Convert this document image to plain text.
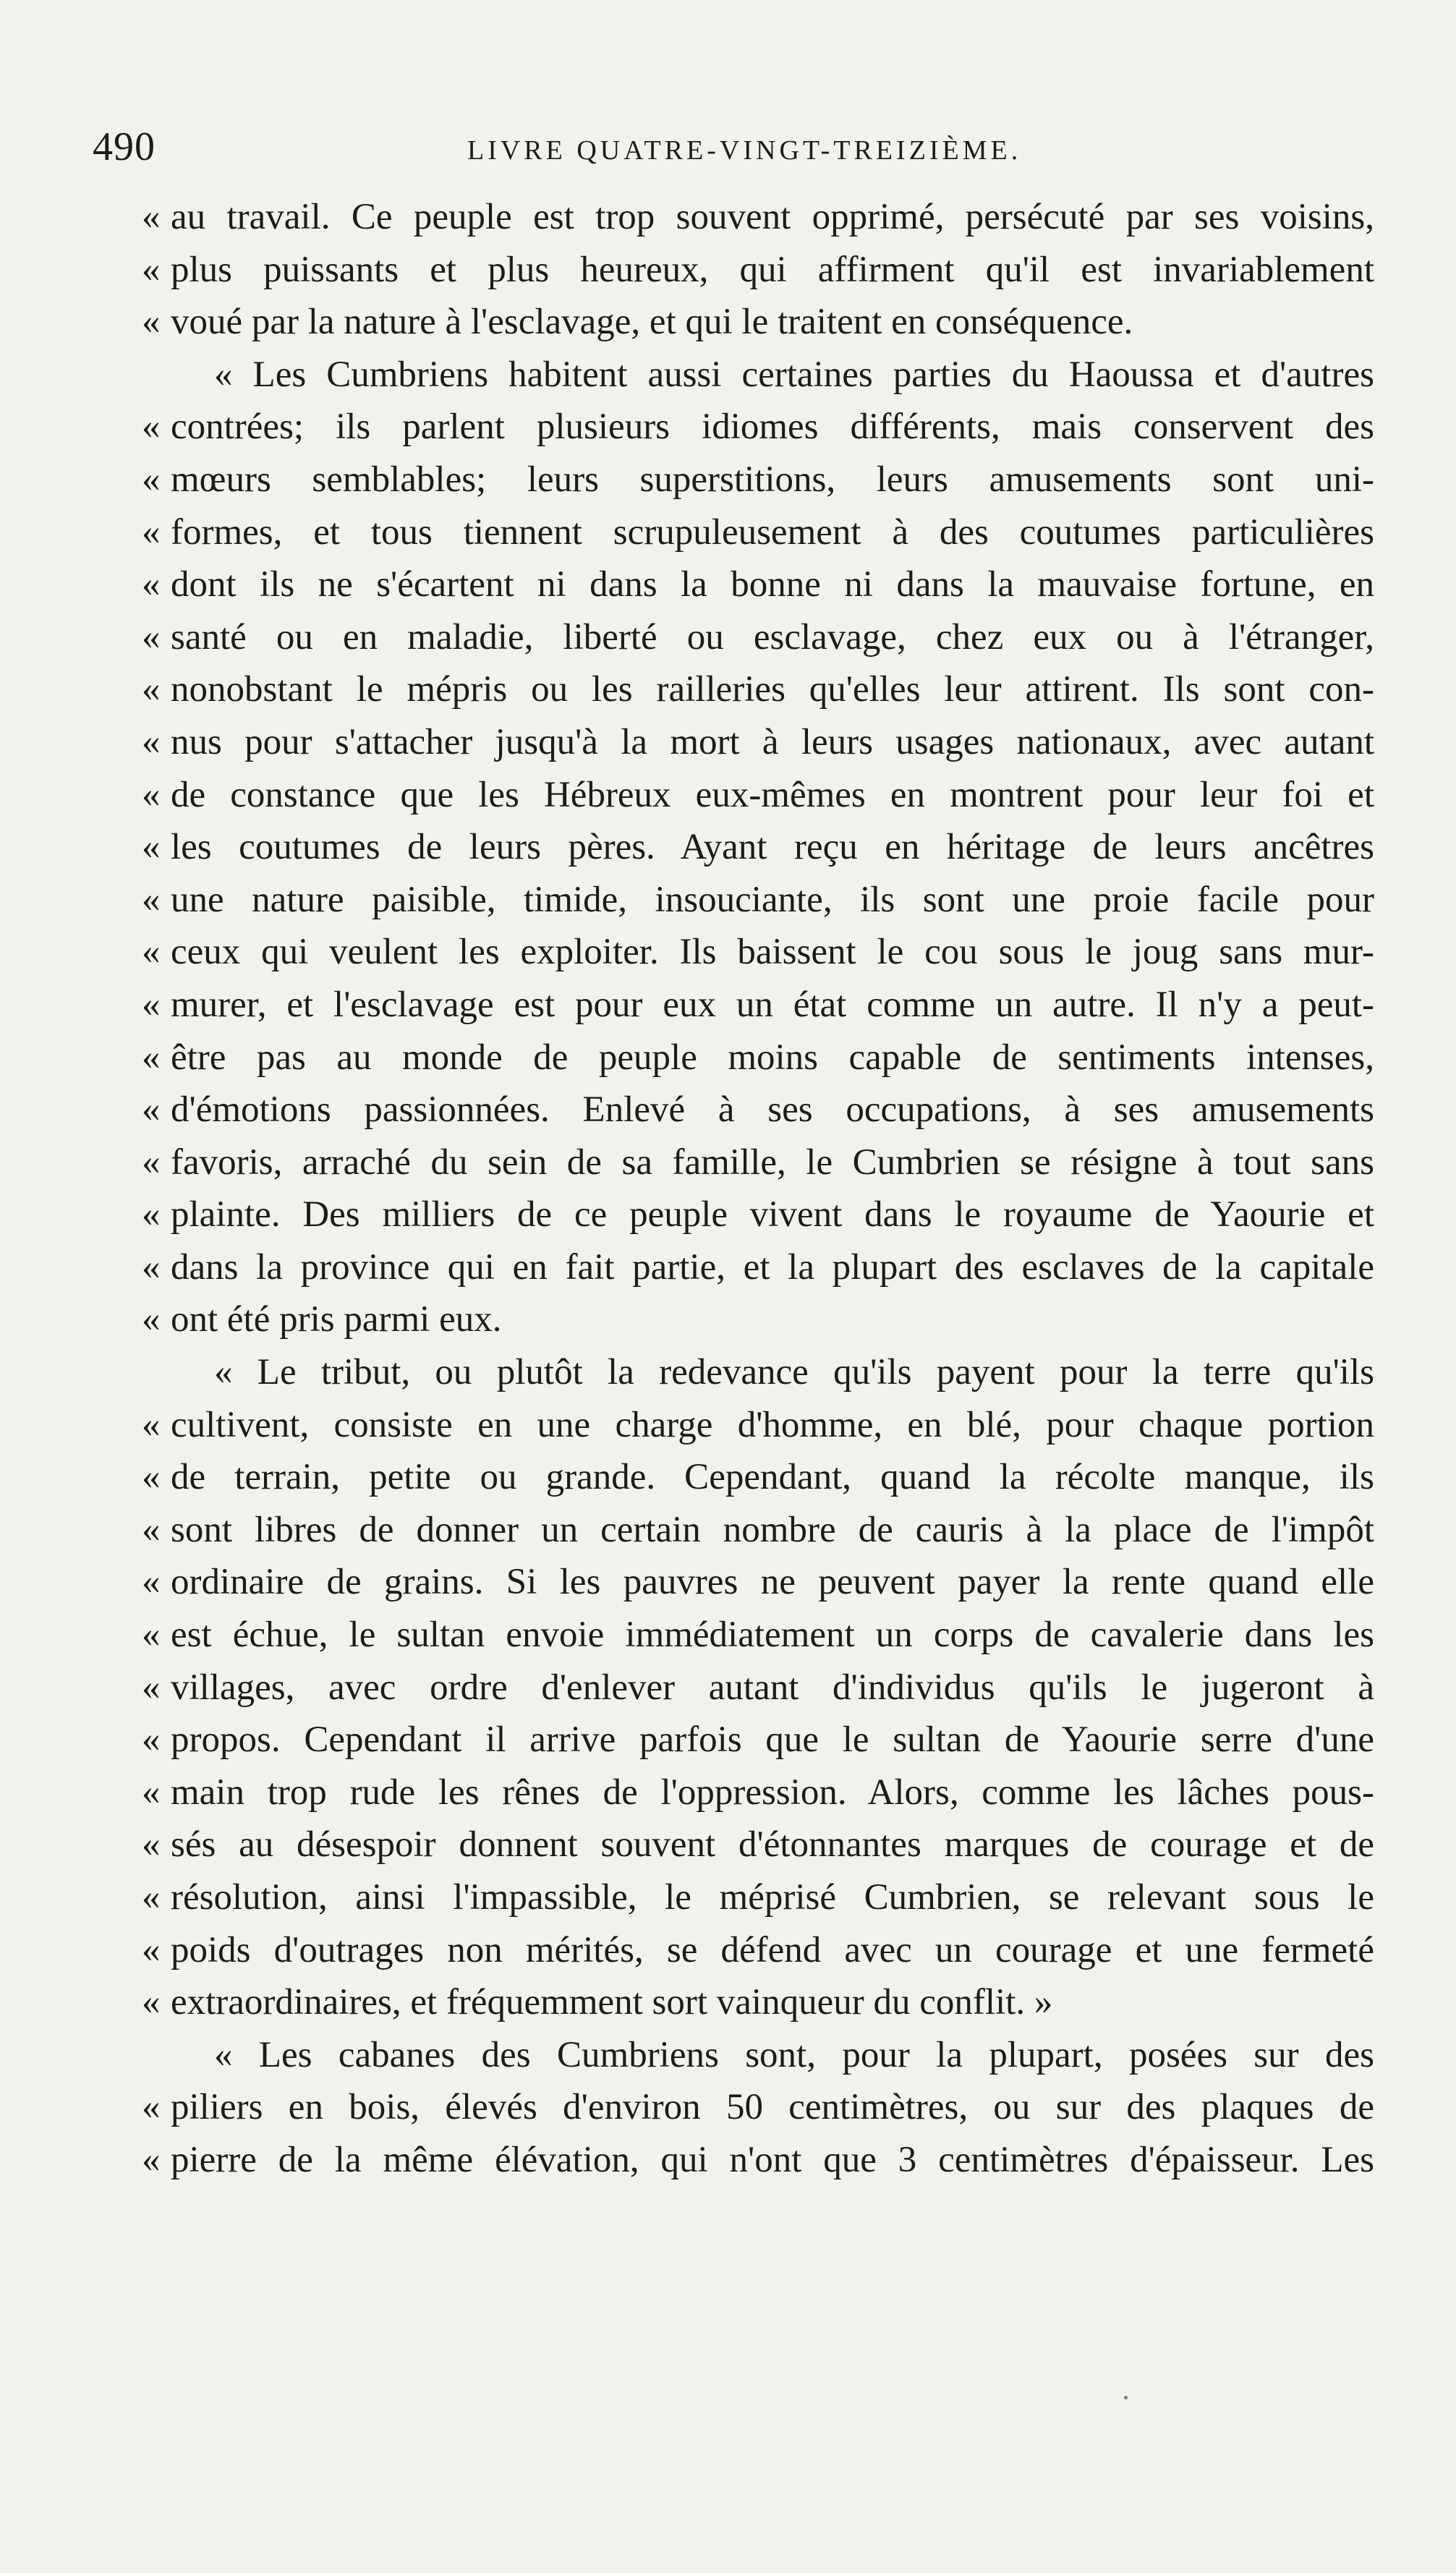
490	LIVRE QUATRE-VINGT-TREIZIÈME.
« au travail. Ce peuple est trop souvent opprimé, persécuté par ses voisins,
« plus puissants et plus heureux, qui affirment qu'il est invariablement
« voué par la nature à l'esclavage, et qui le traitent en conséquence.
« Les Cumbriens habitent aussi certaines parties du Haoussa et d'autres
« contrées; ils parlent plusieurs idiomes différents, mais conservent des
« mœurs semblables; leurs superstitions, leurs amusements sont uni-
« formes, et tous tiennent scrupuleusement à des coutumes particulières
« dont ils ne s'écartent ni dans la bonne ni dans la mauvaise fortune, en
« santé ou en maladie, liberté ou esclavage, chez eux ou à l'étranger,
« nonobstant le mépris ou les railleries qu'elles leur attirent. Ils sont con-
« nus pour s'attacher jusqu'à la mort à leurs usages nationaux, avec autant
« de constance que les Hébreux eux-mêmes en montrent pour leur foi et
« les coutumes de leurs pères. Ayant reçu en héritage de leurs ancêtres
« une nature paisible, timide, insouciante, ils sont une proie facile pour
« ceux qui veulent les exploiter. Ils baissent le cou sous le joug sans mur-
« murer, et l'esclavage est pour eux un état comme un autre. Il n'y a peut-
« être pas au monde de peuple moins capable de sentiments intenses,
« d'émotions passionnées. Enlevé à ses occupations, à ses amusements
« favoris, arraché du sein de sa famille, le Cumbrien se résigne à tout sans
« plainte. Des milliers de ce peuple vivent dans le royaume de Yaourie et
« dans la province qui en fait partie, et la plupart des esclaves de la capitale
« ont été pris parmi eux.
« Le tribut, ou plutôt la redevance qu'ils payent pour la terre qu'ils
« cultivent, consiste en une charge d'homme, en blé, pour chaque portion
« de terrain, petite ou grande. Cependant, quand la récolte manque, ils
« sont libres de donner un certain nombre de cauris à la place de l'impôt
« ordinaire de grains. Si les pauvres ne peuvent payer la rente quand elle
« est échue, le sultan envoie immédiatement un corps de cavalerie dans les
« villages, avec ordre d'enlever autant d'individus qu'ils le jugeront à
« propos. Cependant il arrive parfois que le sultan de Yaourie serre d'une
« main trop rude les rênes de l'oppression. Alors, comme les lâches pous-
« sés au désespoir donnent souvent d'étonnantes marques de courage et de
« résolution, ainsi l'impassible, le méprisé Cumbrien, se relevant sous le
« poids d'outrages non mérités, se défend avec un courage et une fermeté
« extraordinaires, et fréquemment sort vainqueur du conflit. »
« Les cabanes des Cumbriens sont, pour la plupart, posées sur des
« piliers en bois, élevés d'environ 50 centimètres, ou sur des plaques de
« pierre de la même élévation, qui n'ont que 3 centimètres d'épaisseur. Les
